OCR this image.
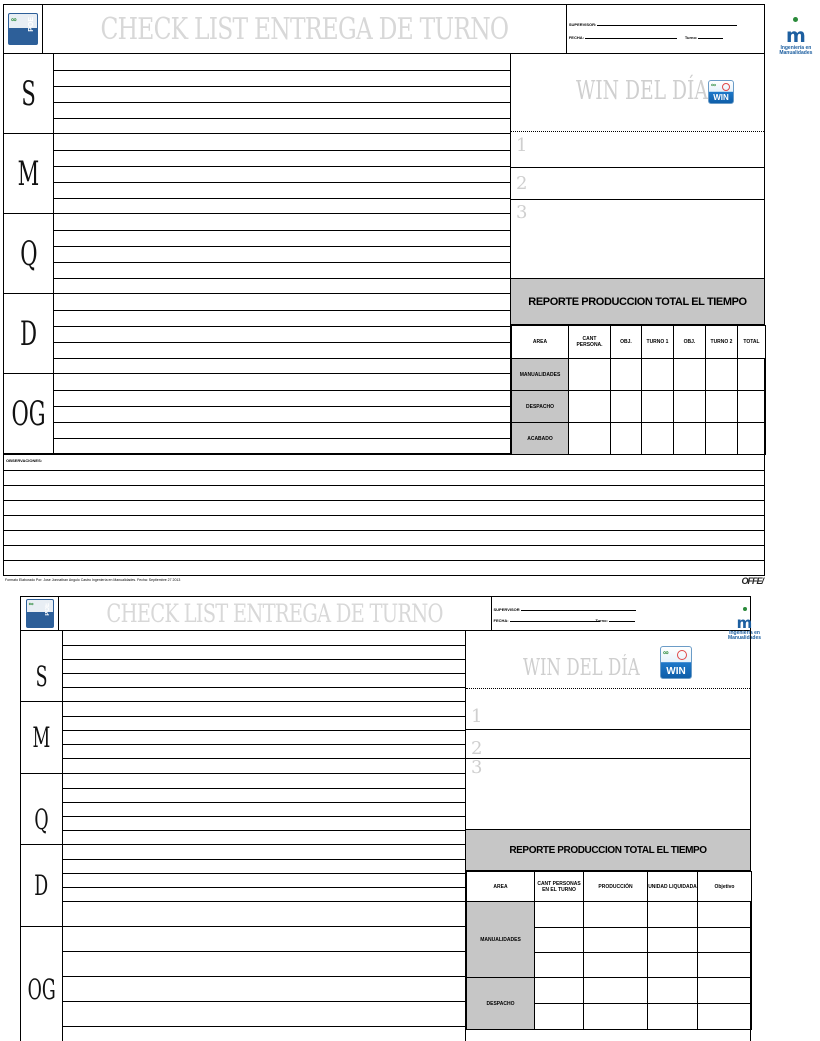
∞ POE CHECK LIST ENTREGA DE TURNO	SUPERVISOR:
FECHA:	Turno:	m
Ingeniería en
Manualidades
S
M
Q
D
OG
WIN DEL DÍA ∞
WIN
1
2
3
REPORTE PRODUCCION TOTAL EL TIEMPO
AREA	CANT PERSONA.	OBJ.	TURNO 1	OBJ.	TURNO 2	TOTAL
MANUALIDADES						
DESPACHO						
ACABADO						
OBSERVACIONES:
Formato Elaborado Por: Jose Jonnathan Angulo Castro Ingeniería en Manualidades. Fecha: Septiembre 27 2013	OFFE/
∞ POE CHECK LIST ENTREGA DE TURNO	SUPERVISOR
FECHA:	Turno:	m
Ingeniería en
Manualidades
S
M
Q
D
OG
WIN DEL DÍA
∞
WIN
1
2
3
REPORTE PRODUCCION TOTAL EL TIEMPO
AREA	CANT PERSONAS EN EL TURNO	PRODUCCIÓN	UNIDAD LIQUIDADA	Objetivo
MANUALIDADES				

DESPACHO				
